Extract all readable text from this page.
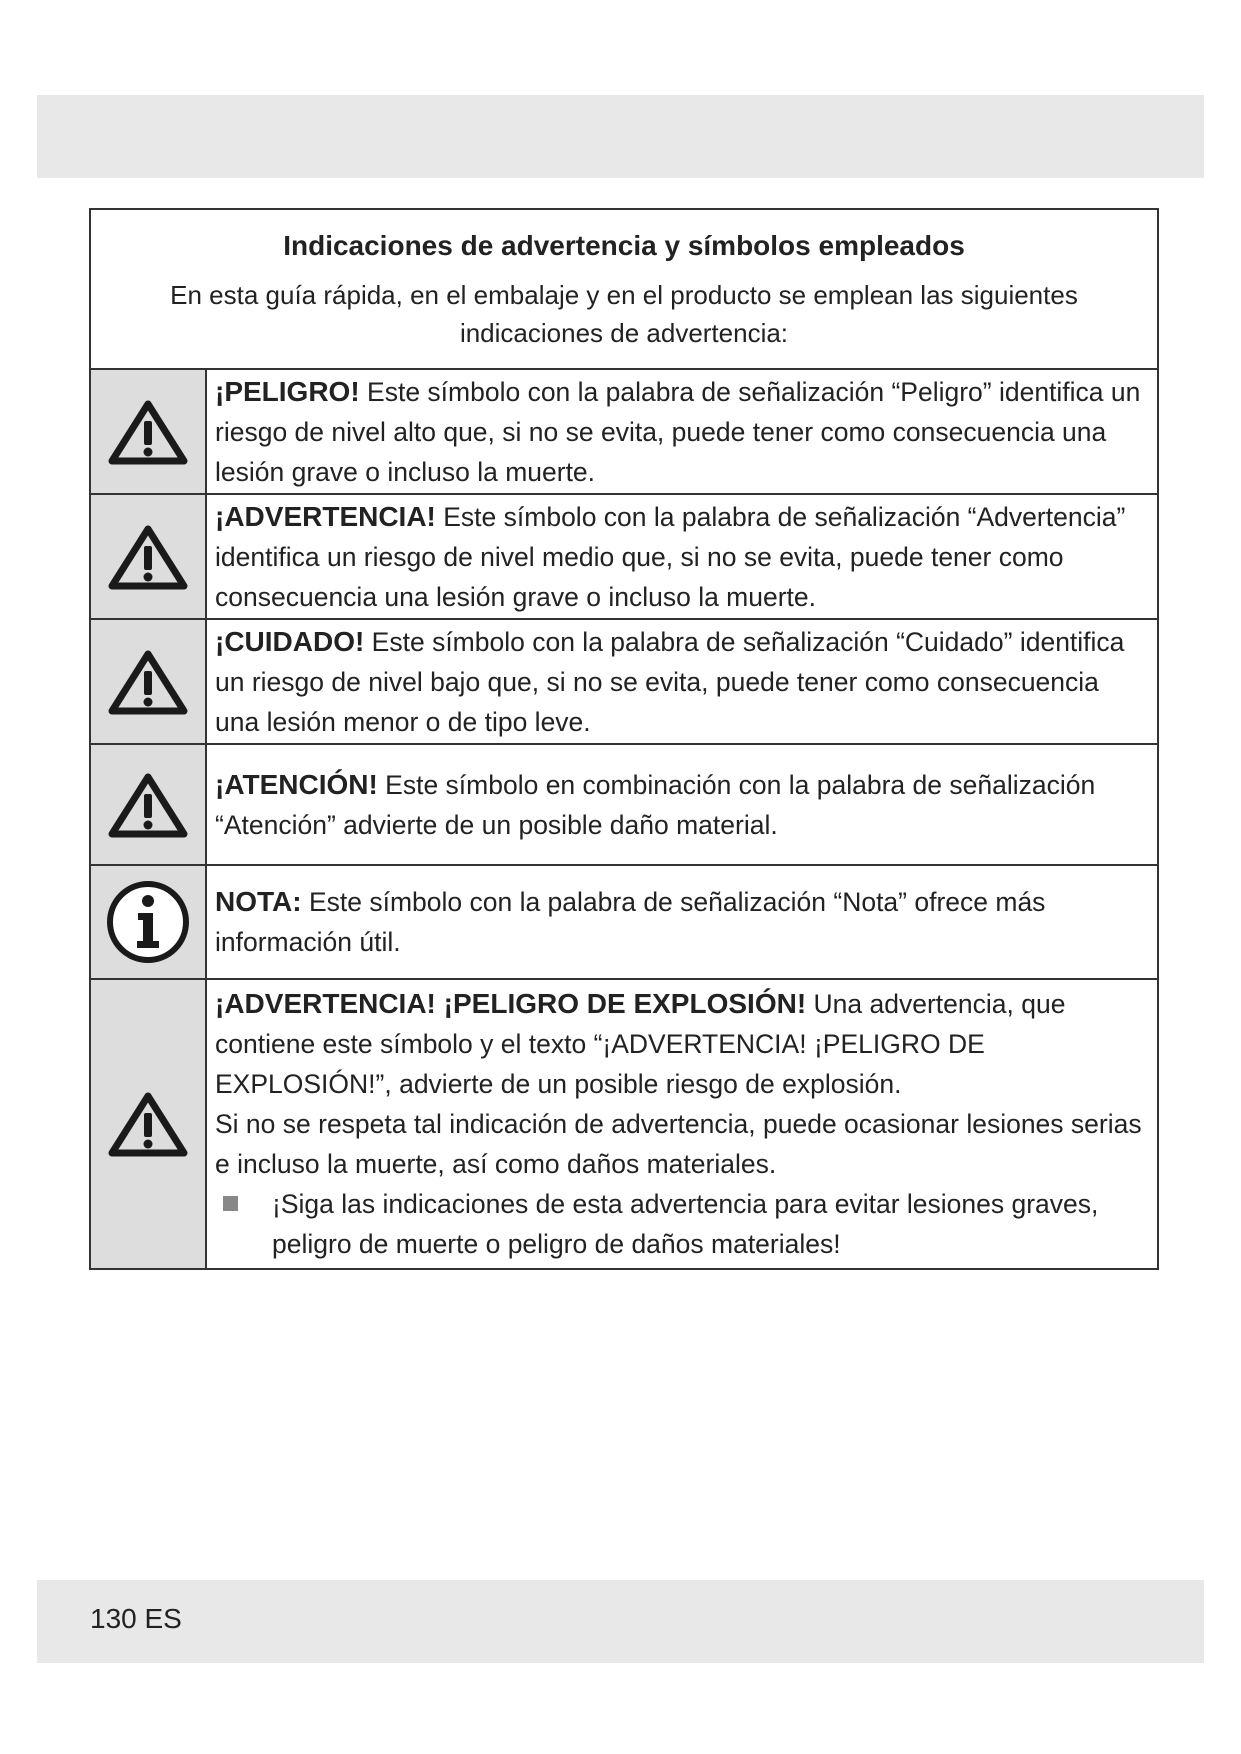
Indicaciones de advertencia y símbolos empleados
En esta guía rápida, en el embalaje y en el producto se emplean las siguientes
indicaciones de advertencia:
¡PELIGRO! Este símbolo con la palabra de señalización “Peligro” identifica un riesgo de nivel alto que, si no se evita, puede tener como consecuencia una lesión grave o incluso la muerte.
¡ADVERTENCIA! Este símbolo con la palabra de señalización “Advertencia” identifica un riesgo de nivel medio que, si no se evita, puede tener como consecuencia una lesión grave o incluso la muerte.
¡CUIDADO! Este símbolo con la palabra de señalización “Cuidado” identifica un riesgo de nivel bajo que, si no se evita, puede tener como consecuencia una lesión menor o de tipo leve.
¡ATENCIÓN! Este símbolo en combinación con la palabra de señalización “Atención” advierte de un posible daño material.
NOTA: Este símbolo con la palabra de señalización “Nota” ofrece más información útil.
¡ADVERTENCIA! ¡PELIGRO DE EXPLOSIÓN! Una advertencia, que contiene este símbolo y el texto “¡ADVERTENCIA! ¡PELIGRO DE EXPLOSIÓN!”, advierte de un posible riesgo de explosión.
Si no se respeta tal indicación de advertencia, puede ocasionar lesiones serias e incluso la muerte, así como daños materiales.
¡Siga las indicaciones de esta advertencia para evitar lesiones graves, peligro de muerte o peligro de daños materiales!
130 ES
